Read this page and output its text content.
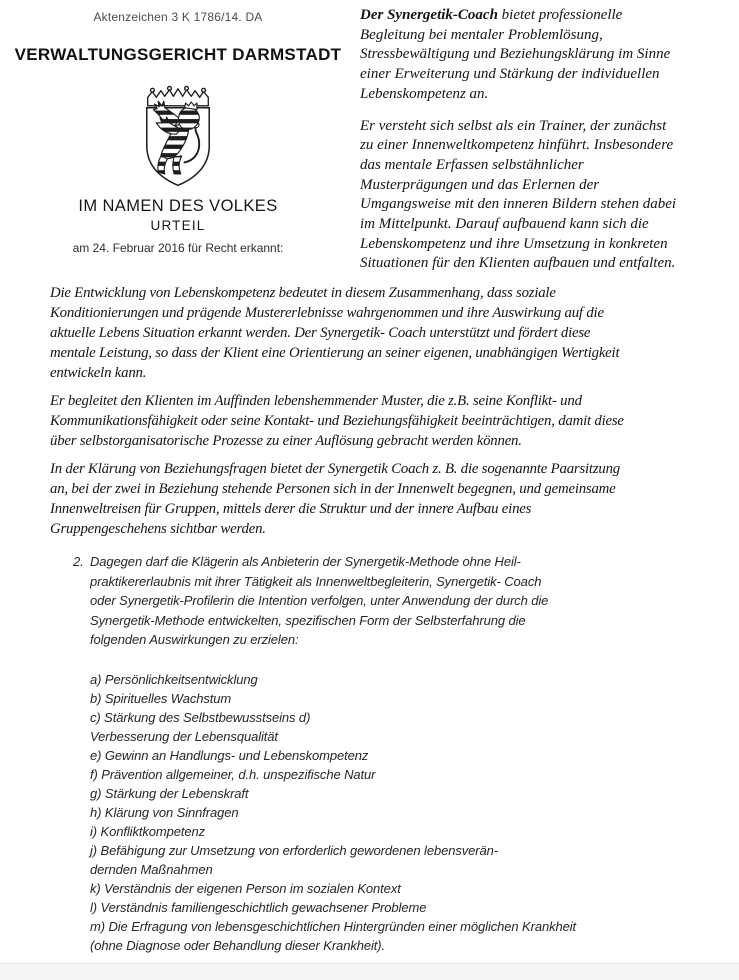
Aktenzeichen 3 K 1786/14. DA
VERWALTUNGSGERICHT DARMSTADT
IM NAMEN DES VOLKES
URTEIL
am 24. Februar 2016 für Recht erkannt:

Der Synergetik-Coach bietet professionelle
Begleitung bei mentaler Problemlösung,
Stressbewältigung und Beziehungsklärung im Sinne
einer Erweiterung und Stärkung der individuellen
Lebenskompetenz an.

Er versteht sich selbst als ein Trainer, der zunächst
zu einer Innenweltkompetenz hinführt. Insbesondere
das mentale Erfassen selbstähnlicher
Musterprägungen und das Erlernen der
Umgangsweise mit den inneren Bildern stehen dabei
im Mittelpunkt. Darauf aufbauend kann sich die
Lebenskompetenz und ihre Umsetzung in konkreten
Situationen für den Klienten aufbauen und entfalten.

Die Entwicklung von Lebenskompetenz bedeutet in diesem Zusammenhang, dass soziale
Konditionierungen und prägende Mustererlebnisse wahrgenommen und ihre Auswirkung auf die
aktuelle Lebens Situation erkannt werden. Der Synergetik- Coach unterstützt und fördert diese
mentale Leistung, so dass der Klient eine Orientierung an seiner eigenen, unabhängigen Wertigkeit
entwickeln kann.

Er begleitet den Klienten im Auffinden lebenshemmender Muster, die z.B. seine Konflikt- und
Kommunikationsfähigkeit oder seine Kontakt- und Beziehungsfähigkeit beeinträchtigen, damit diese
über selbstorganisatorische Prozesse zu einer Auflösung gebracht werden können.

In der Klärung von Beziehungsfragen bietet der Synergetik Coach z. B. die sogenannte Paarsitzung
an, bei der zwei in Beziehung stehende Personen sich in der Innenwelt begegnen, und gemeinsame
Innenweltreisen für Gruppen, mittels derer die Struktur und der innere Aufbau eines
Gruppengeschehens sichtbar werden.

2. Dagegen darf die Klägerin als Anbieterin der Synergetik-Methode ohne Heil-
praktikererlaubnis mit ihrer Tätigkeit als Innenweltbegleiterin, Synergetik- Coach
oder Synergetik-Profilerin die Intention verfolgen, unter Anwendung der durch die
Synergetik-Methode entwickelten, spezifischen Form der Selbsterfahrung die
folgenden Auswirkungen zu erzielen:
a) Persönlichkeitsentwicklung
b) Spirituelles Wachstum
c) Stärkung des Selbstbewusstseins d)
Verbesserung der Lebensqualität
e) Gewinn an Handlungs- und Lebenskompetenz
f) Prävention allgemeiner, d.h. unspezifische Natur
g) Stärkung der Lebenskraft
h) Klärung von Sinnfragen
i) Konfliktkompetenz
j) Befähigung zur Umsetzung von erforderlich gewordenen lebensverän-
dernden Maßnahmen
k) Verständnis der eigenen Person im sozialen Kontext
l) Verständnis familiengeschichtlich gewachsener Probleme
m) Die Erfragung von lebensgeschichtlichen Hintergründen einer möglichen Krankheit
(ohne Diagnose oder Behandlung dieser Krankheit).
